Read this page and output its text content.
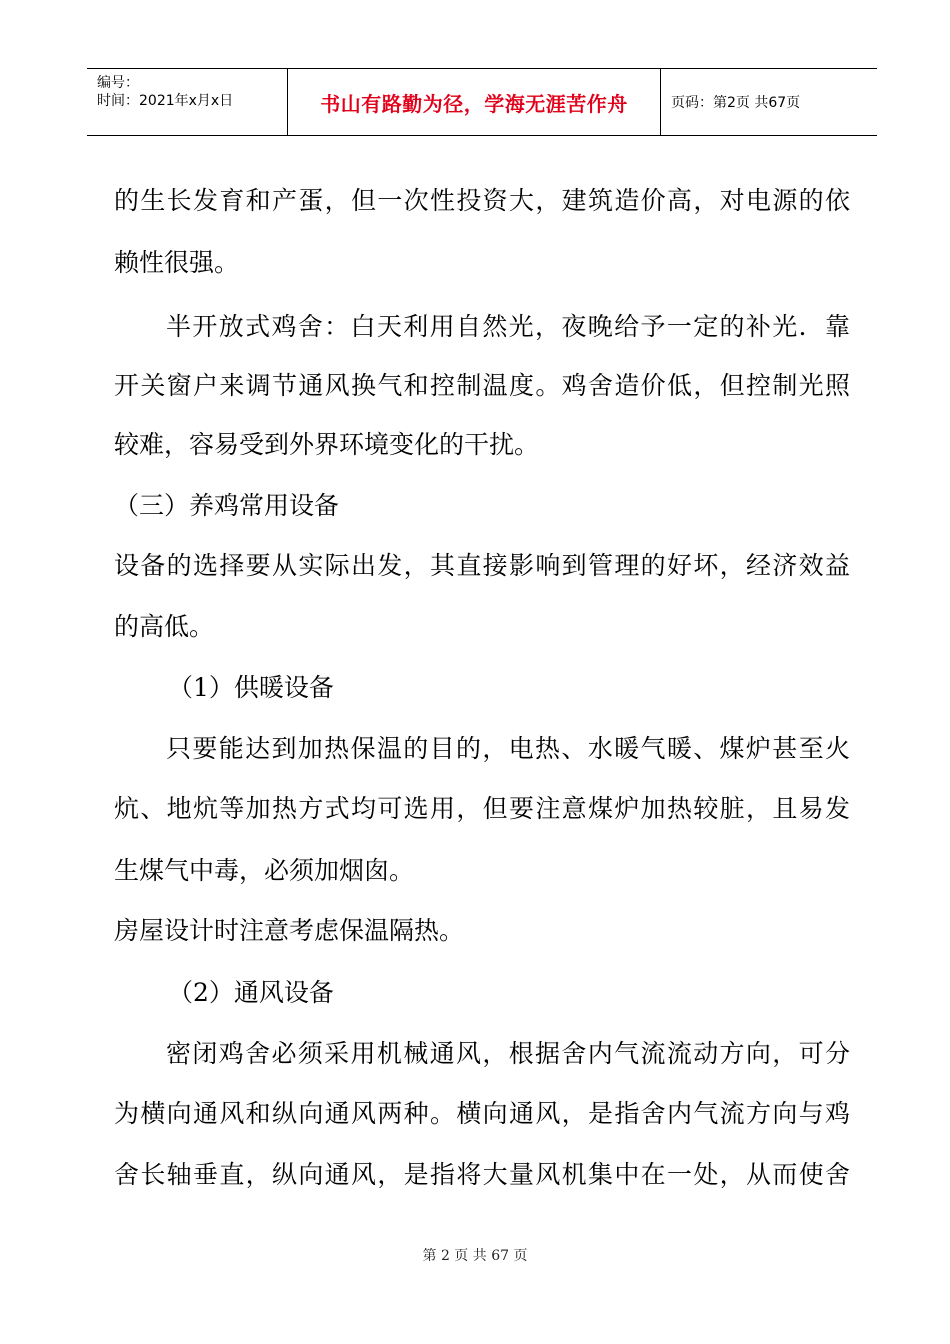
编号：
时间：2021年x月x日	书山有路勤为径，学海无涯苦作舟	页码：第2页 共67页
的生长发育和产蛋，但一次性投资大，建筑造价高，对电源的依
赖性很强。
半开放式鸡舍：白天利用自然光，夜晚给予一定的补光．靠
开关窗户来调节通风换气和控制温度。鸡舍造价低，但控制光照
较难，容易受到外界环境变化的干扰。
（三）养鸡常用设备
设备的选择要从实际出发，其直接影响到管理的好坏，经济效益
的高低。
（1）供暖设备
只要能达到加热保温的目的，电热、水暖气暖、煤炉甚至火
炕、地炕等加热方式均可选用，但要注意煤炉加热较脏，且易发
生煤气中毒，必须加烟囱。
房屋设计时注意考虑保温隔热。
（2）通风设备
密闭鸡舍必须采用机械通风，根据舍内气流流动方向，可分
为横向通风和纵向通风两种。横向通风，是指舍内气流方向与鸡
舍长轴垂直，纵向通风，是指将大量风机集中在一处，从而使舍
第 2 页 共 67 页
